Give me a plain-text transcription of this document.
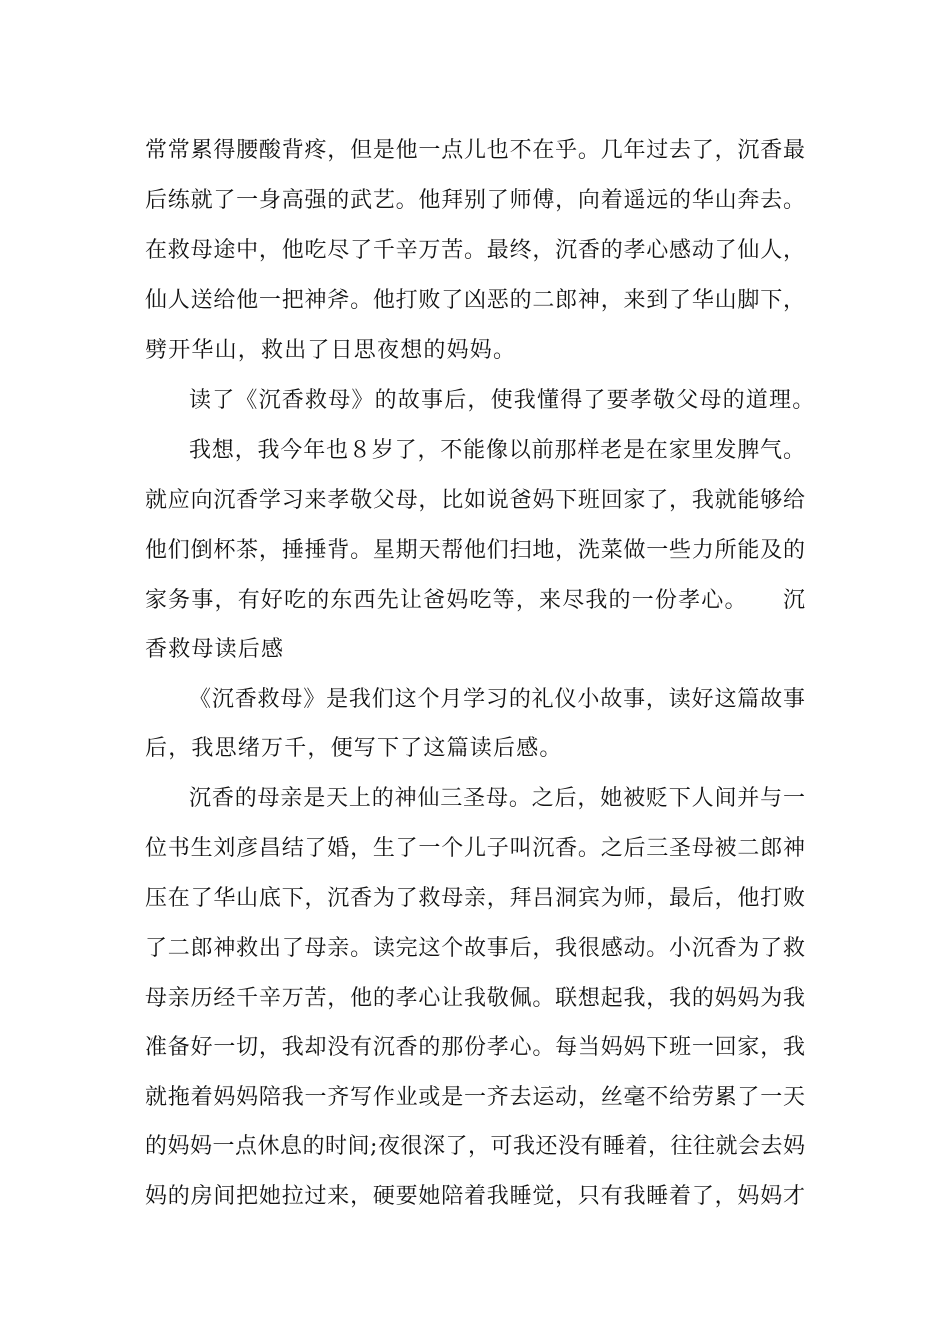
常常累得腰酸背疼，但是他一点儿也不在乎。几年过去了，沉香最
后练就了一身高强的武艺。他拜别了师傅，向着遥远的华山奔去。
在救母途中，他吃尽了千辛万苦。最终，沉香的孝心感动了仙人，
仙人送给他一把神斧。他打败了凶恶的二郎神，来到了华山脚下，
劈开华山，救出了日思夜想的妈妈。
读了《沉香救母》的故事后，使我懂得了要孝敬父母的道理。
我想，我今年也８岁了，不能像以前那样老是在家里发脾气。
就应向沉香学习来孝敬父母，比如说爸妈下班回家了，我就能够给
他们倒杯茶，捶捶背。星期天帮他们扫地，洗菜做一些力所能及的
家务事，有好吃的东西先让爸妈吃等，来尽我的一份孝心。　　沉
香救母读后感
《沉香救母》是我们这个月学习的礼仪小故事，读好这篇故事
后，我思绪万千，便写下了这篇读后感。
沉香的母亲是天上的神仙三圣母。之后，她被贬下人间并与一
位书生刘彦昌结了婚，生了一个儿子叫沉香。之后三圣母被二郎神
压在了华山底下，沉香为了救母亲，拜吕洞宾为师，最后，他打败
了二郎神救出了母亲。读完这个故事后，我很感动。小沉香为了救
母亲历经千辛万苦，他的孝心让我敬佩。联想起我，我的妈妈为我
准备好一切，我却没有沉香的那份孝心。每当妈妈下班一回家，我
就拖着妈妈陪我一齐写作业或是一齐去运动，丝毫不给劳累了一天
的妈妈一点休息的时间;夜很深了，可我还没有睡着，往往就会去妈
妈的房间把她拉过来，硬要她陪着我睡觉，只有我睡着了，妈妈才
